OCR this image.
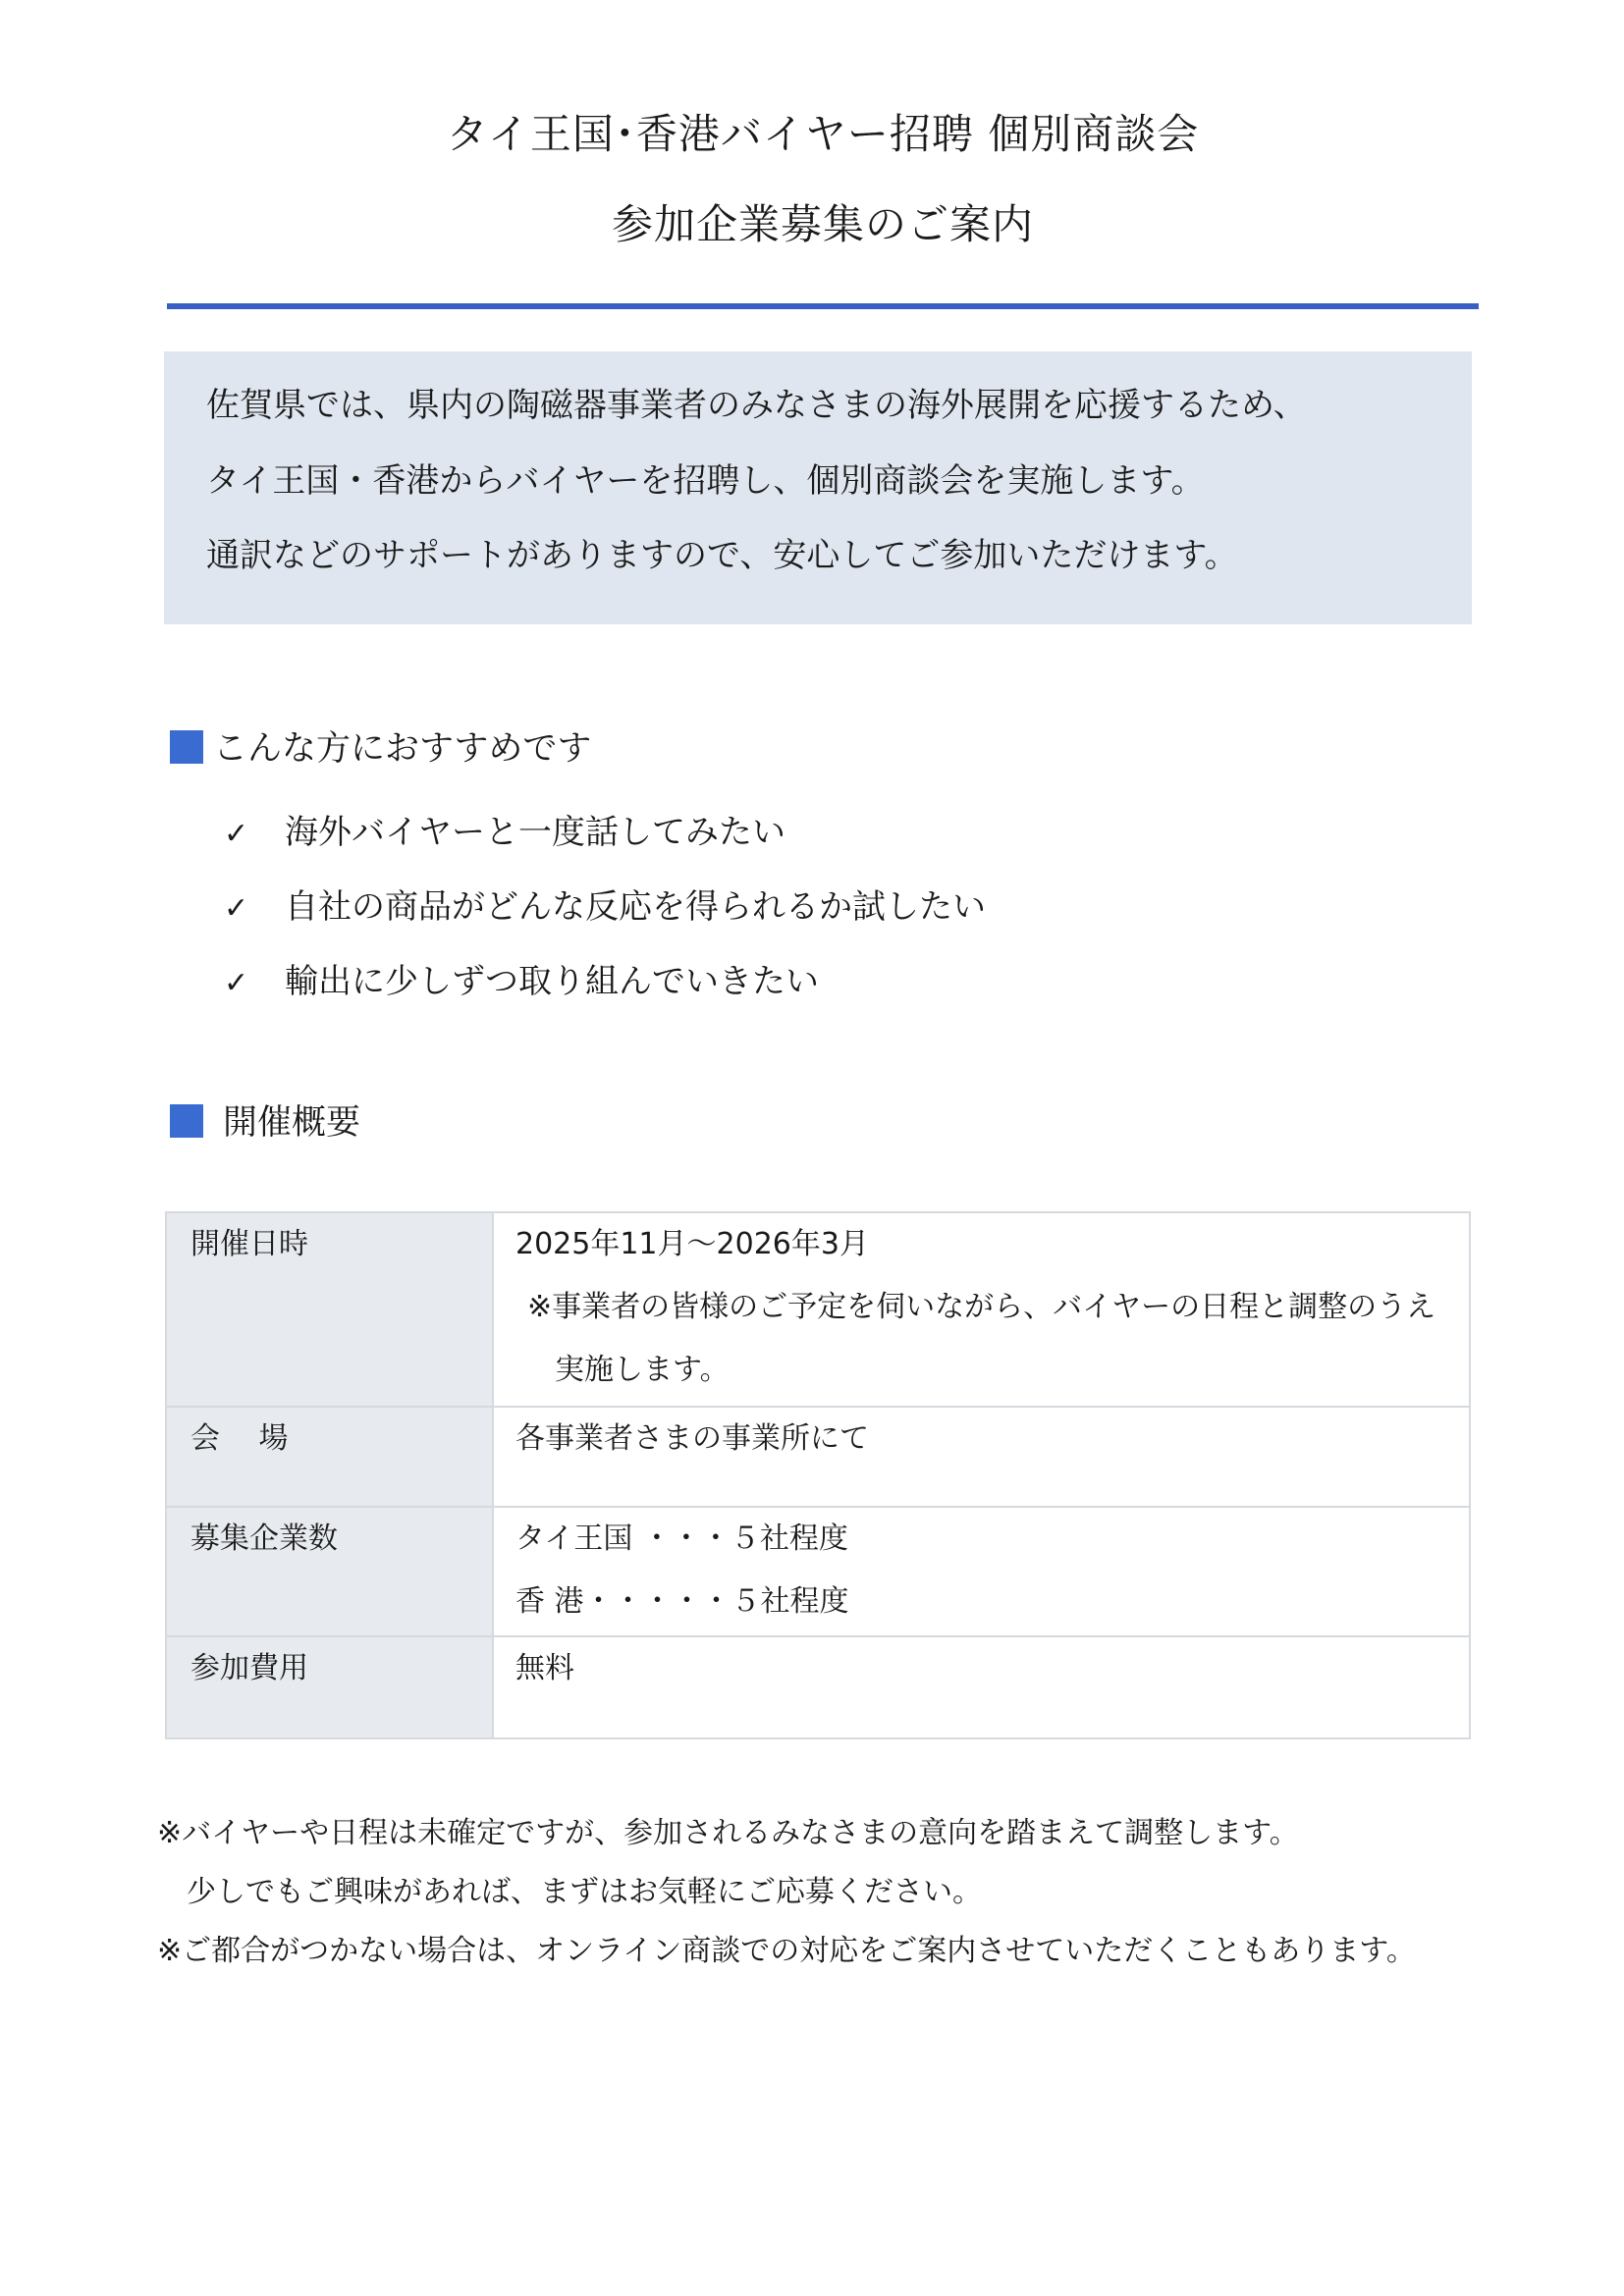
タイ王国･香港バイヤー招聘 個別商談会
参加企業募集のご案内
佐賀県では、県内の陶磁器事業者のみなさまの海外展開を応援するため、
タイ王国・香港からバイヤーを招聘し、個別商談会を実施します。
通訳などのサポートがありますので、安心してご参加いただけます。
こんな方におすすめです
✓ 海外バイヤーと一度話してみたい
✓ 自社の商品がどんな反応を得られるか試したい
✓ 輸出に少しずつ取り組んでいきたい
開催概要
開催日時	2025年11月～2026年3月
※事業者の皆様のご予定を伺いながら、バイヤーの日程と調整のうえ
実施します。

会　 場	各事業者さまの事業所にて

募集企業数	タイ王国 ・・・５社程度
香 港・・・・・５社程度

参加費用	無料
※バイヤーや日程は未確定ですが、参加されるみなさまの意向を踏まえて調整します。
少しでもご興味があれば、まずはお気軽にご応募ください。
※ご都合がつかない場合は、オンライン商談での対応をご案内させていただくこともあります。
